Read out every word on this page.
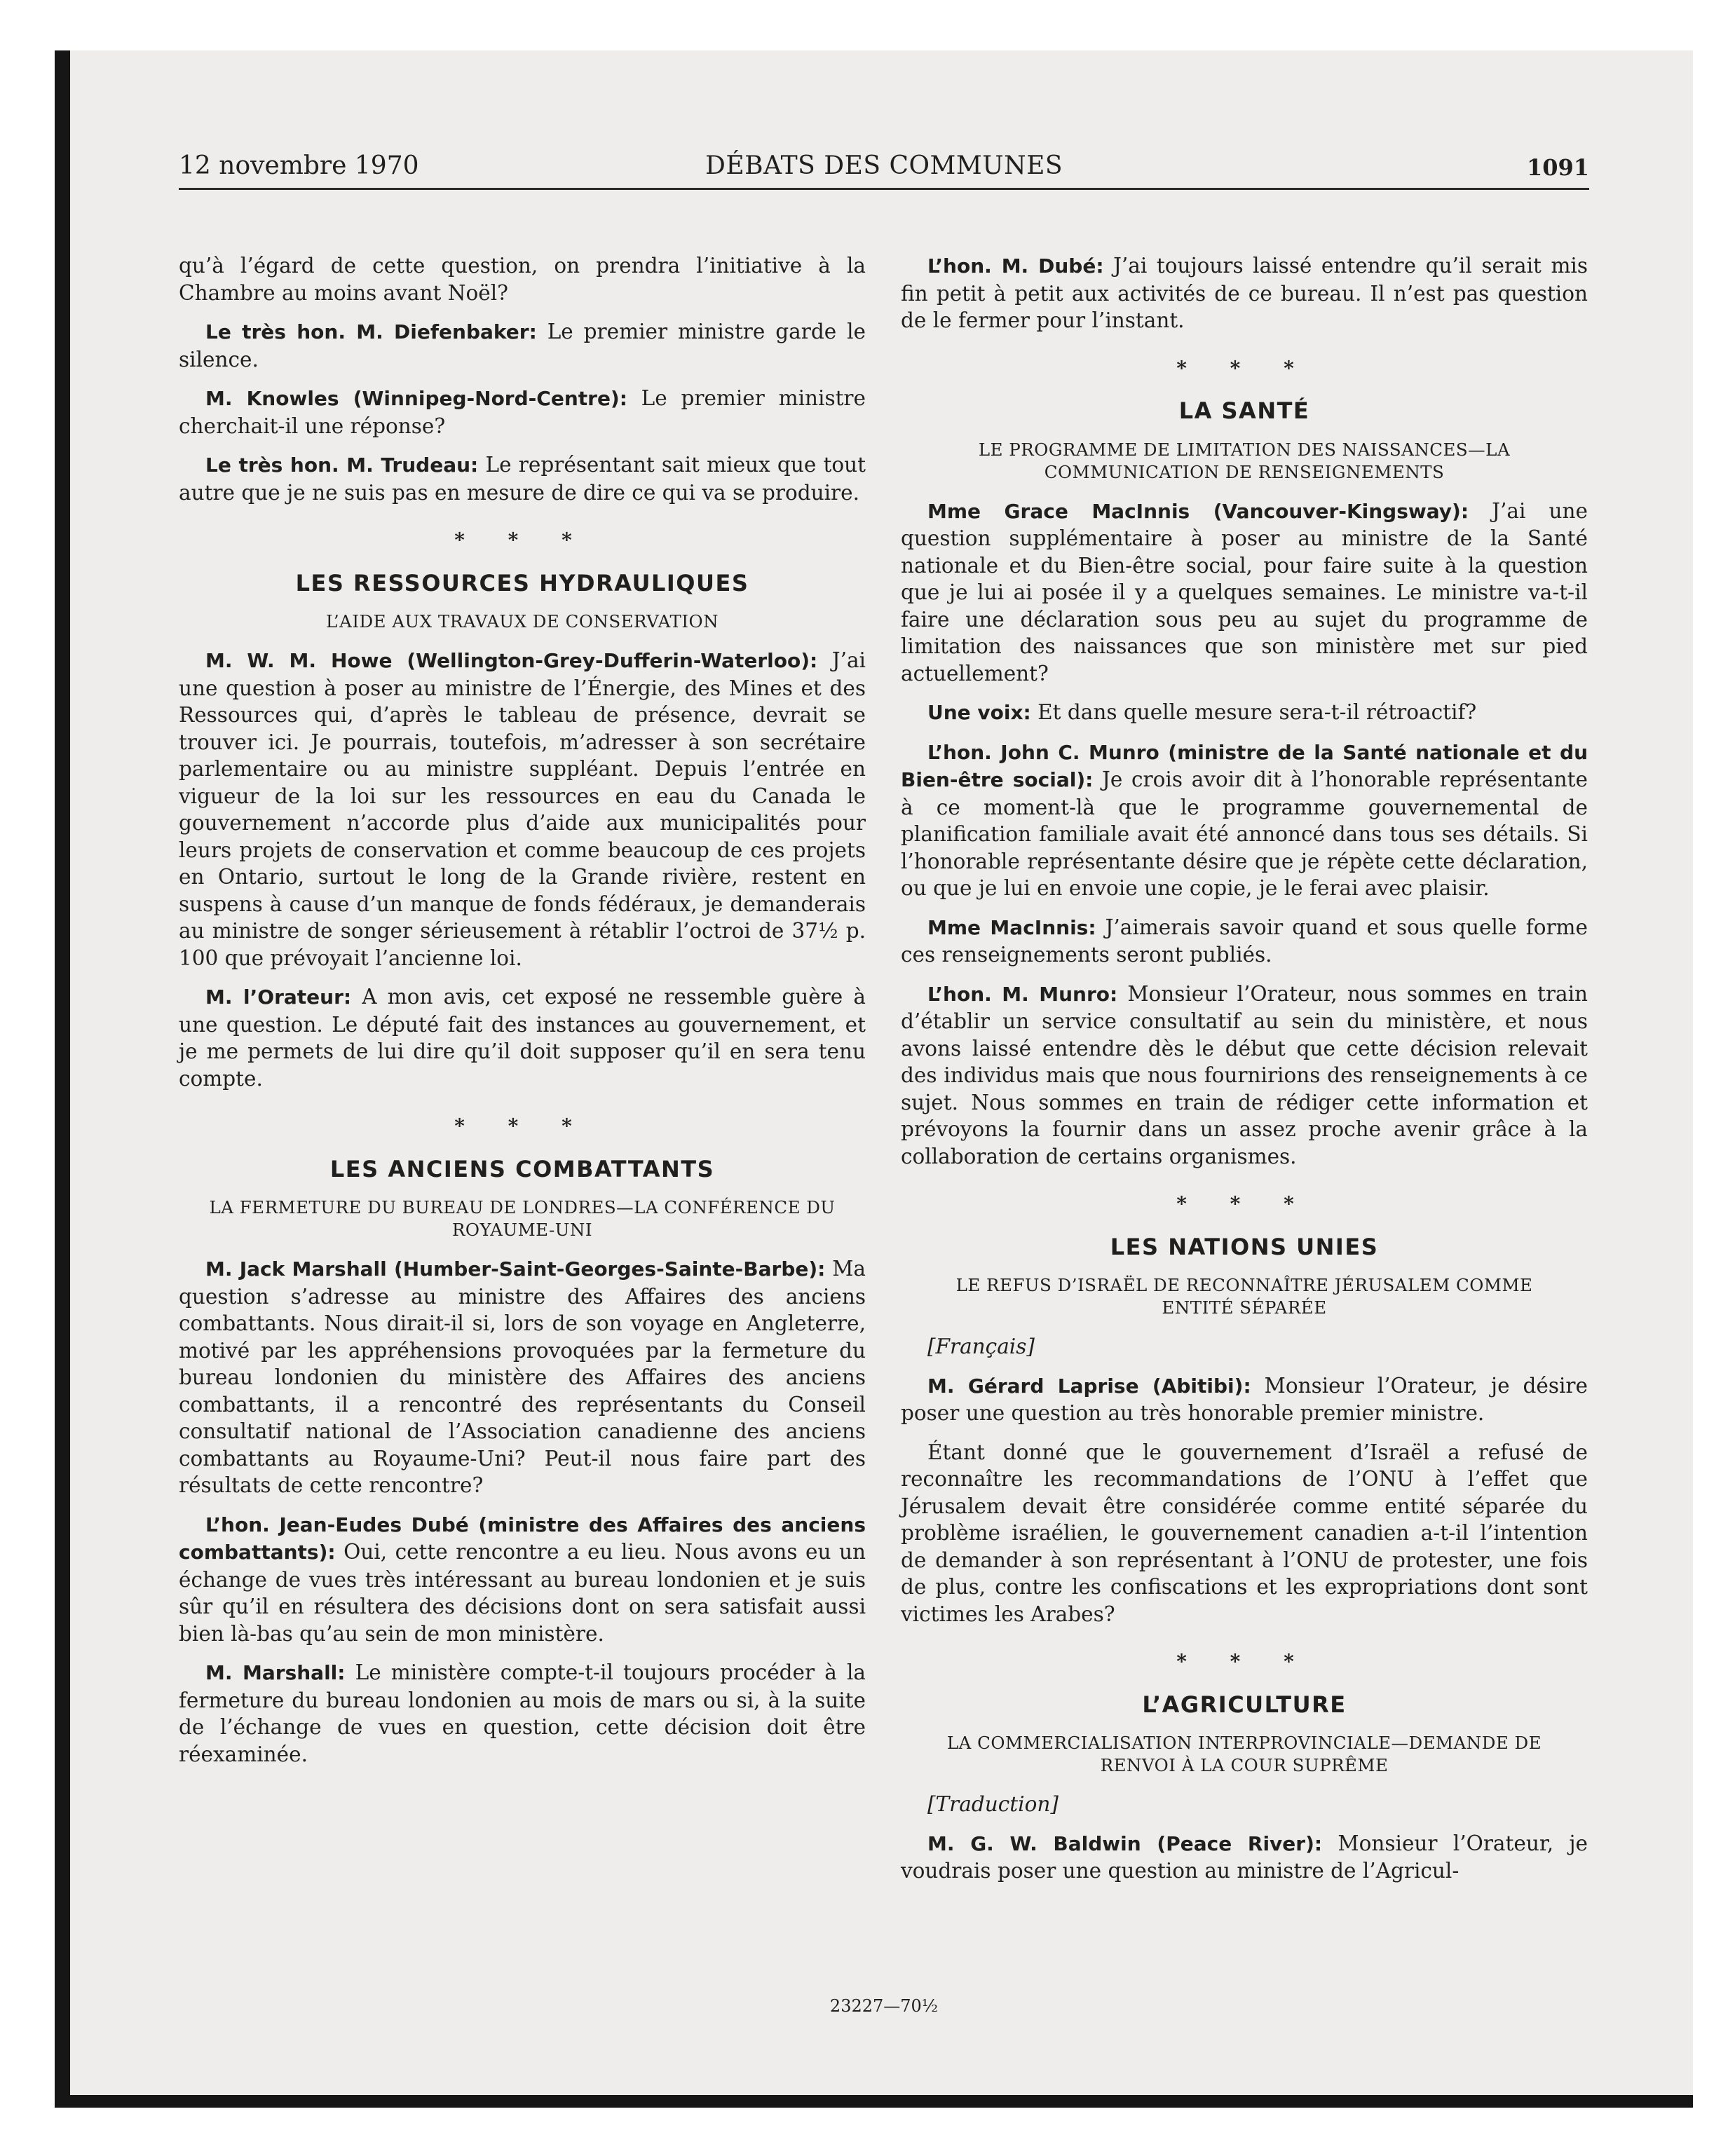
12 novembre 1970	DÉBATS DES COMMUNES	1091

qu’à l’égard de cette question, on prendra l’initiative à la Chambre au moins avant Noël?

Le très hon. M. Diefenbaker: Le premier ministre garde le silence.

M. Knowles (Winnipeg-Nord-Centre): Le premier ministre cherchait-il une réponse?

Le très hon. M. Trudeau: Le représentant sait mieux que tout autre que je ne suis pas en mesure de dire ce qui va se produire.

* * *
LES RESSOURCES HYDRAULIQUES
L’AIDE AUX TRAVAUX DE CONSERVATION

M. W. M. Howe (Wellington-Grey-Dufferin-Waterloo): J’ai une question à poser au ministre de l’Énergie, des Mines et des Ressources qui, d’après le tableau de présence, devrait se trouver ici. Je pourrais, toutefois, m’adresser à son secrétaire parlementaire ou au ministre suppléant. Depuis l’entrée en vigueur de la loi sur les ressources en eau du Canada le gouvernement n’accorde plus d’aide aux municipalités pour leurs projets de conservation et comme beaucoup de ces projets en Ontario, surtout le long de la Grande rivière, restent en suspens à cause d’un manque de fonds fédéraux, je demanderais au ministre de songer sérieusement à rétablir l’octroi de 37½ p. 100 que prévoyait l’ancienne loi.

M. l’Orateur: A mon avis, cet exposé ne ressemble guère à une question. Le député fait des instances au gouvernement, et je me permets de lui dire qu’il doit supposer qu’il en sera tenu compte.

* * *
LES ANCIENS COMBATTANTS
LA FERMETURE DU BUREAU DE LONDRES—LA CONFÉRENCE DU ROYAUME-UNI

M. Jack Marshall (Humber-Saint-Georges-Sainte-Barbe): Ma question s’adresse au ministre des Affaires des anciens combattants. Nous dirait-il si, lors de son voyage en Angleterre, motivé par les appréhensions provoquées par la fermeture du bureau londonien du ministère des Affaires des anciens combattants, il a rencontré des représentants du Conseil consultatif national de l’Association canadienne des anciens combattants au Royaume-Uni? Peut-il nous faire part des résultats de cette rencontre?

L’hon. Jean-Eudes Dubé (ministre des Affaires des anciens combattants): Oui, cette rencontre a eu lieu. Nous avons eu un échange de vues très intéressant au bureau londonien et je suis sûr qu’il en résultera des décisions dont on sera satisfait aussi bien là-bas qu’au sein de mon ministère.

M. Marshall: Le ministère compte-t-il toujours procéder à la fermeture du bureau londonien au mois de mars ou si, à la suite de l’échange de vues en question, cette décision doit être réexaminée.

L’hon. M. Dubé: J’ai toujours laissé entendre qu’il serait mis fin petit à petit aux activités de ce bureau. Il n’est pas question de le fermer pour l’instant.

* * *
LA SANTÉ
LE PROGRAMME DE LIMITATION DES NAISSANCES—LA COMMUNICATION DE RENSEIGNEMENTS

Mme Grace MacInnis (Vancouver-Kingsway): J’ai une question supplémentaire à poser au ministre de la Santé nationale et du Bien-être social, pour faire suite à la question que je lui ai posée il y a quelques semaines. Le ministre va-t-il faire une déclaration sous peu au sujet du programme de limitation des naissances que son ministère met sur pied actuellement?

Une voix: Et dans quelle mesure sera-t-il rétroactif?

L’hon. John C. Munro (ministre de la Santé nationale et du Bien-être social): Je crois avoir dit à l’honorable représentante à ce moment-là que le programme gouvernemental de planification familiale avait été annoncé dans tous ses détails. Si l’honorable représentante désire que je répète cette déclaration, ou que je lui en envoie une copie, je le ferai avec plaisir.

Mme MacInnis: J’aimerais savoir quand et sous quelle forme ces renseignements seront publiés.

L’hon. M. Munro: Monsieur l’Orateur, nous sommes en train d’établir un service consultatif au sein du ministère, et nous avons laissé entendre dès le début que cette décision relevait des individus mais que nous fournirions des renseignements à ce sujet. Nous sommes en train de rédiger cette information et prévoyons la fournir dans un assez proche avenir grâce à la collaboration de certains organismes.

* * *
LES NATIONS UNIES
LE REFUS D’ISRAËL DE RECONNAÎTRE JÉRUSALEM COMME ENTITÉ SÉPARÉE

[Français]

M. Gérard Laprise (Abitibi): Monsieur l’Orateur, je désire poser une question au très honorable premier ministre.

Étant donné que le gouvernement d’Israël a refusé de reconnaître les recommandations de l’ONU à l’effet que Jérusalem devait être considérée comme entité séparée du problème israélien, le gouvernement canadien a-t-il l’intention de demander à son représentant à l’ONU de protester, une fois de plus, contre les confiscations et les expropriations dont sont victimes les Arabes?

* * *
L’AGRICULTURE
LA COMMERCIALISATION INTERPROVINCIALE—DEMANDE DE RENVOI À LA COUR SUPRÊME

[Traduction]

M. G. W. Baldwin (Peace River): Monsieur l’Orateur, je voudrais poser une question au ministre de l’Agricul-

23227—70½
